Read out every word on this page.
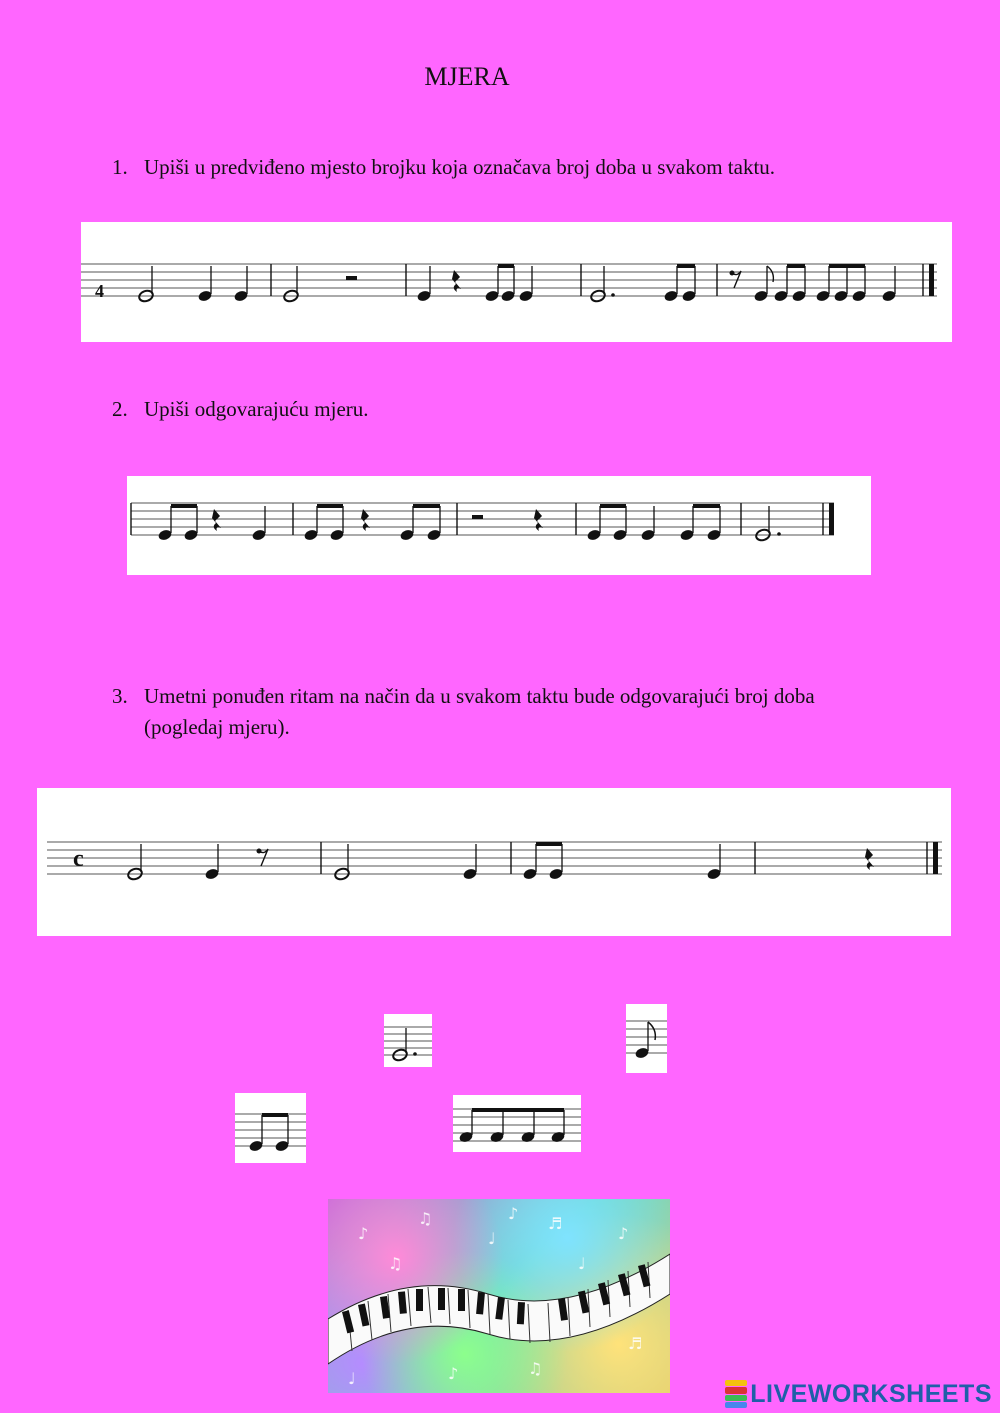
MJERA
1. Upiši u predviđeno mjesto brojku koja označava broj doba u svakom taktu.
4
2. Upiši odgovarajuću mjeru.
3. Umetni ponuđen ritam na način da u svakom taktu bude odgovarajući broj doba
(pogledaj mjeru).
c
♪
♫
♩
♬
♪
♫	♩
♪	♫
♬
♩
♪
LIVEWORKSHEETS
